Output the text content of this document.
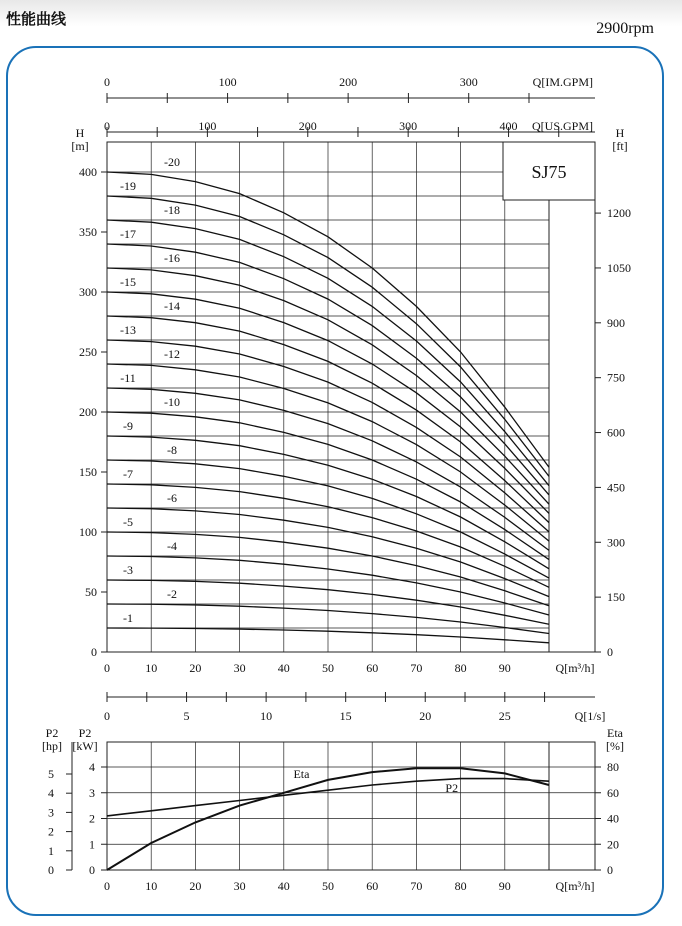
性能曲线
2900rpm
0	100	200	300	Q[IM.GPM]
0	100	200	300	400 Q[US.GPM]
SJ75
0
50
100
150
200
250
300
350
400
H
[m]
0
150
300
450
600
750
900
1050
1200
H
[ft]
0	10	20	30	40	50	60	70	80	90	Q[m³/h]
-1
-2
-3
-4
-5
-6
-7
-8
-9
-10
-11
-12
-13
-14
-15
-16
-17
-18
-19
-20
0	5	10	15	20	25	Q[1/s]
0
1
2
3
4
P2
[kW]
0
1
2
3
4
5
P2
[hp]
0
20
40
60
80
Eta
[%]
0	10	20	30	40	50	60	70	80	90	Q[m³/h]
Eta
P2
